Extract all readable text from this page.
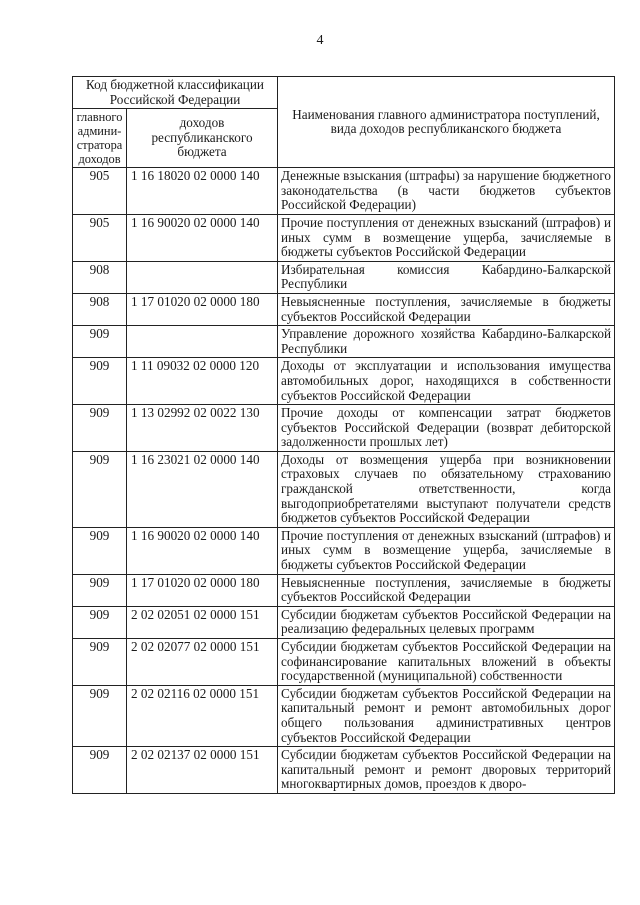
4
Код бюджетной классификации Российской Федерации		Наименования главного администратора поступлений, вида доходов республиканского бюджета
главного админи-стратора доходов	доходов республиканского бюджета	
905	1 16 18020 02 0000 140	Денежные взыскания (штрафы) за нарушение бюджетного законодательства (в части бюджетов субъектов Российской Федерации)
905	1 16 90020 02 0000 140	Прочие поступления от денежных взысканий (штрафов) и иных сумм в возмещение ущерба, зачисляемые в бюджеты субъектов Российской Федерации
908		Избирательная комиссия Кабардино-Балкарской Республики
908	1 17 01020 02 0000 180	Невыясненные поступления, зачисляемые в бюджеты субъектов Российской Федерации
909		Управление дорожного хозяйства Кабардино-Балкарской Республики
909	1 11 09032 02 0000 120	Доходы от эксплуатации и использования имущества автомобильных дорог, находящихся в собственности субъектов Российской Федерации
909	1 13 02992 02 0022 130	Прочие доходы от компенсации затрат бюджетов субъектов Российской Федерации (возврат дебиторской задолженности прошлых лет)
909	1 16 23021 02 0000 140	Доходы от возмещения ущерба при возникновении страховых случаев по обязательному страхованию гражданской ответственности, когда выгодоприобретателями выступают получатели средств бюджетов субъектов Российской Федерации
909	1 16 90020 02 0000 140	Прочие поступления от денежных взысканий (штрафов) и иных сумм в возмещение ущерба, зачисляемые в бюджеты субъектов Российской Федерации
909	1 17 01020 02 0000 180	Невыясненные поступления, зачисляемые в бюджеты субъектов Российской Федерации
909	2 02 02051 02 0000 151	Субсидии бюджетам субъектов Российской Федерации на реализацию федеральных целевых программ
909	2 02 02077 02 0000 151	Субсидии бюджетам субъектов Российской Федерации на софинансирование капитальных вложений в объекты государственной (муниципальной) собственности
909	2 02 02116 02 0000 151	Субсидии бюджетам субъектов Российской Федерации на капитальный ремонт и ремонт автомобильных дорог общего пользования административных центров субъектов Российской Федерации
909	2 02 02137 02 0000 151	Субсидии бюджетам субъектов Российской Федерации на капитальный ремонт и ремонт дворовых территорий многоквартирных домов, проездов к дворо-
